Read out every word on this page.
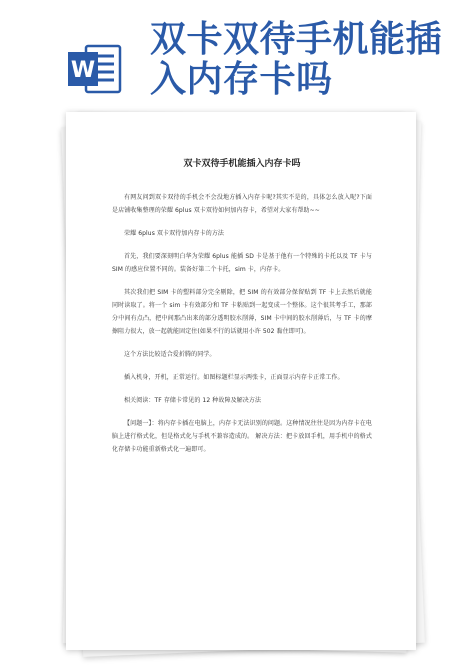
W
双卡双待手机能插入内存卡吗
双卡双待手机能插入内存卡吗

有网友问到双卡双待的手机会不会没地方插入内存卡呢?其实不是的，具体怎么放入呢?下面是店铺收集整理的荣耀 6plus 双卡双待如何加内存卡，希望对大家有帮助~~

荣耀 6plus 双卡双待加内存卡的方法

首先，我们要深刻明白华为荣耀 6plus 能插 SD 卡是基于他有一个特殊的卡托以及 TF 卡与 SIM 的感应位置不同的。装备好第二个卡托，sim 卡，内存卡。

其次我们把 SIM 卡的塑料部分完全剔除，把 SIM 的有效部分保留贴到 TF 卡上去然后就能同时读取了。将一个 sim 卡有效部分和 TF 卡粘贴到一起变成一个整体。这个很其考手工，那部分中间有点凸，把中间那凸出来的部分透明胶水削薄，SIM 卡中间的胶水削薄后，与 TF 卡的摩擦阻力很大，放一起就能固定住(如果不行的话就用小许 502 黏住即可)。

这个方法比较适合爱折腾的同学。

插入机身，开机，正常运行。如图标题栏显示两张卡，正面显示内存卡正常工作。

相关阅读：TF 存储卡常见的 12 种故障及解决方法

【问题一】：将内存卡插在电脑上，内存卡无法识别的问题。这种情况往往是因为内存卡在电脑上进行格式化，但是格式化与手机不兼容造成的。 解决方法：把卡放回手机，用手机中的格式化存储卡功能重新格式化一遍即可。
